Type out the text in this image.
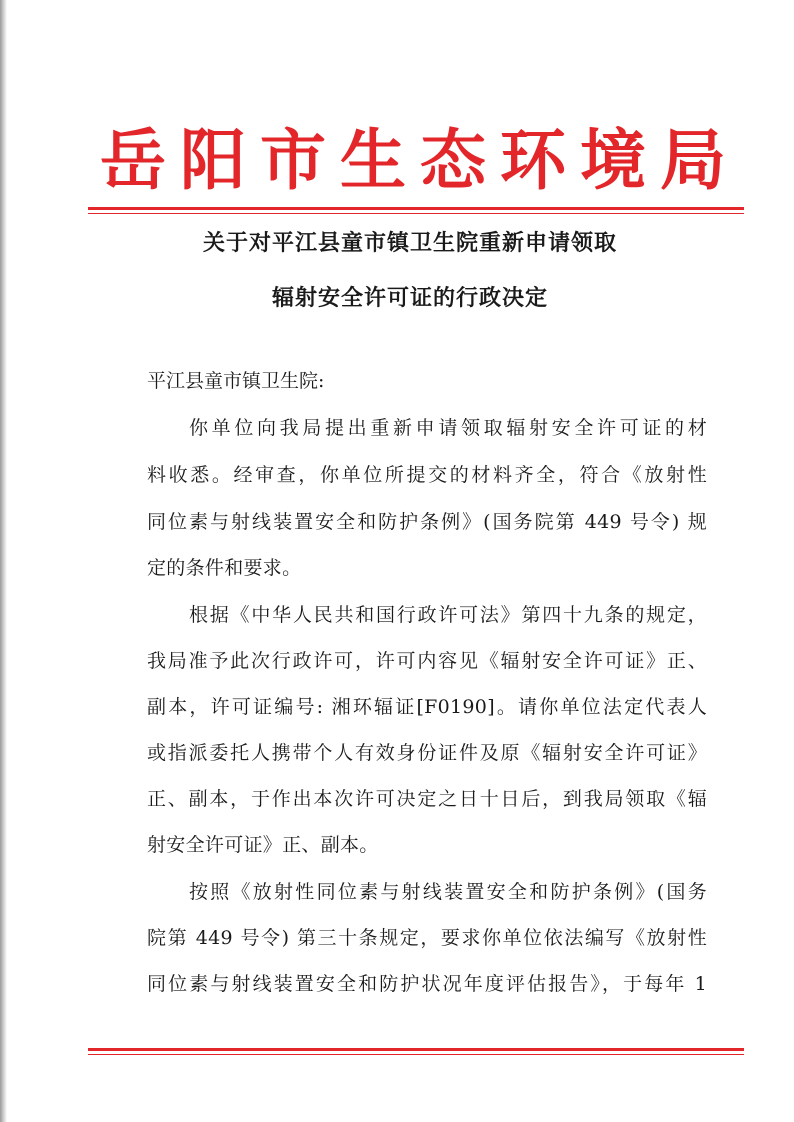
岳阳市生态环境局
关于对平江县童市镇卫生院重新申请领取
辐射安全许可证的行政决定
平江县童市镇卫生院:
你单位向我局提出重新申请领取辐射安全许可证的材
料收悉。经审查，你单位所提交的材料齐全，符合《放射性
同位素与射线装置安全和防护条例》(国务院第 449 号令) 规
定的条件和要求。
根据《中华人民共和国行政许可法》第四十九条的规定，
我局准予此次行政许可，许可内容见《辐射安全许可证》正、
副本，许可证编号: 湘环辐证[F0190]。请你单位法定代表人
或指派委托人携带个人有效身份证件及原《辐射安全许可证》
正、副本，于作出本次许可决定之日十日后，到我局领取《辐
射安全许可证》正、副本。
按照《放射性同位素与射线装置安全和防护条例》(国务
院第 449 号令) 第三十条规定，要求你单位依法编写《放射性
同位素与射线装置安全和防护状况年度评估报告》，于每年 1
